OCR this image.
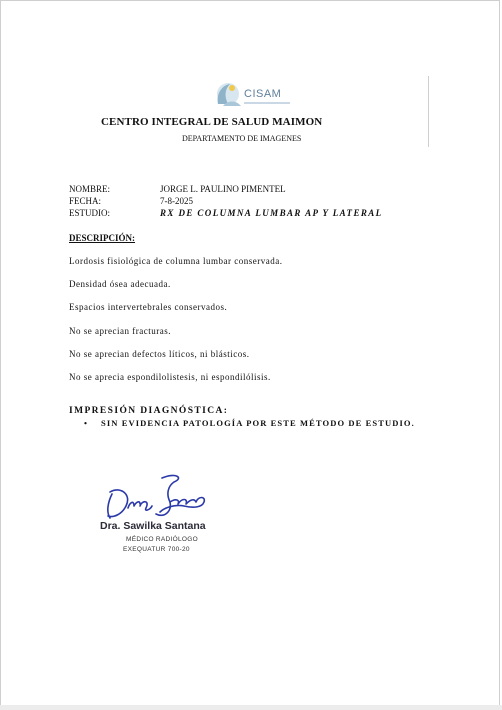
CISAM
CENTRO INTEGRAL DE SALUD MAIMON
DEPARTAMENTO DE IMAGENES
NOMBRE:	JORGE L. PAULINO PIMENTEL
FECHA:	7-8-2025
ESTUDIO:	RX DE COLUMNA LUMBAR AP Y LATERAL
DESCRIPCIÓN:
Lordosis fisiológica de columna lumbar conservada.
Densidad ósea adecuada.
Espacios intervertebrales conservados.
No se aprecian fracturas.
No se aprecian defectos líticos, ni blásticos.
No se aprecia espondilolistesis, ni espondilólisis.
IMPRESIÓN DIAGNÓSTICA:
• SIN EVIDENCIA PATOLOGÍA POR ESTE MÉTODO DE ESTUDIO.
Dra. Sawilka Santana
MÉDICO RADIÓLOGO
EXEQUATUR 700-20
